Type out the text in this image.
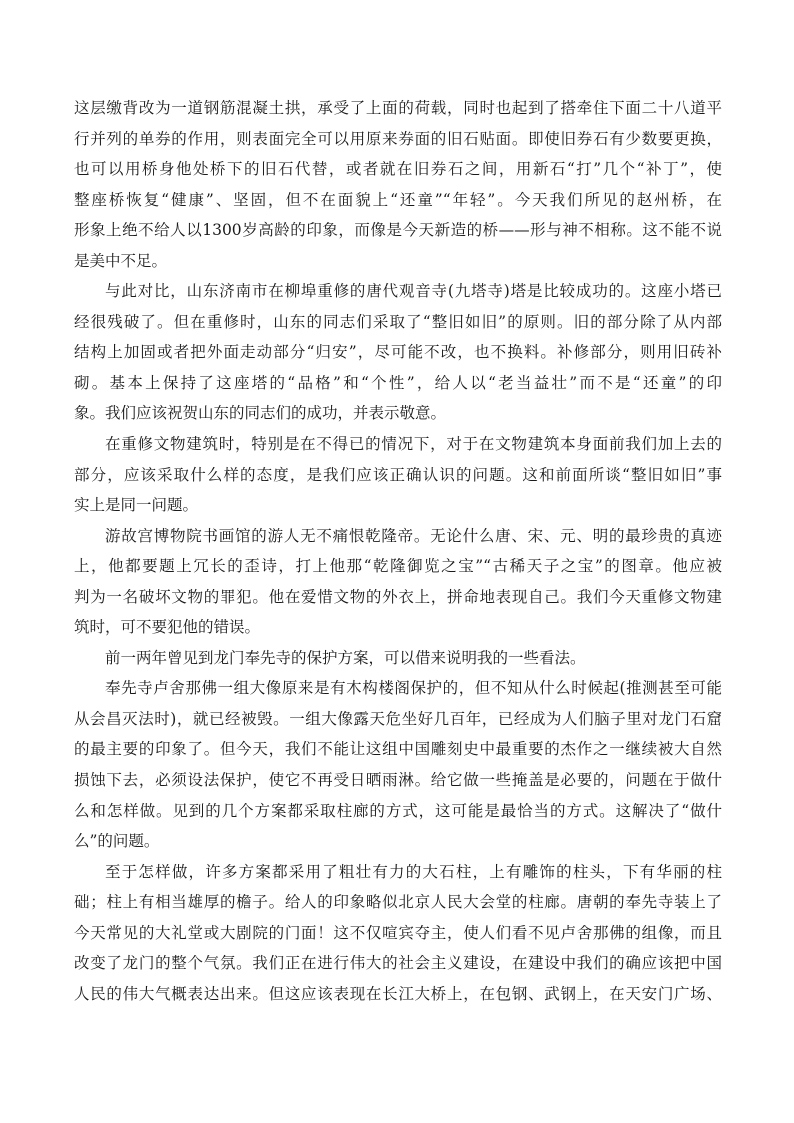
这层缴背改为一道钢筋混凝土拱，承受了上面的荷载，同时也起到了搭牵住下面二十八道平

行并列的单券的作用，则表面完全可以用原来券面的旧石贴面。即使旧券石有少数要更换，

也可以用桥身他处桥下的旧石代替，或者就在旧券石之间，用新石“打”几个“补丁”，使

整座桥恢复“健康”、坚固，但不在面貌上“还童”“年轻”。今天我们所见的赵州桥，在

形象上绝不给人以1300岁高龄的印象，而像是今天新造的桥——形与神不相称。这不能不说

是美中不足。

与此对比，山东济南市在柳埠重修的唐代观音寺(九塔寺)塔是比较成功的。这座小塔已

经很残破了。但在重修时，山东的同志们采取了“整旧如旧”的原则。旧的部分除了从内部

结构上加固或者把外面走动部分“归安”，尽可能不改，也不换料。补修部分，则用旧砖补

砌。基本上保持了这座塔的“品格”和“个性”，给人以“老当益壮”而不是“还童”的印

象。我们应该祝贺山东的同志们的成功，并表示敬意。

在重修文物建筑时，特别是在不得已的情况下，对于在文物建筑本身面前我们加上去的

部分，应该采取什么样的态度，是我们应该正确认识的问题。这和前面所谈“整旧如旧”事

实上是同一问题。

游故宫博物院书画馆的游人无不痛恨乾隆帝。无论什么唐、宋、元、明的最珍贵的真迹

上，他都要题上冗长的歪诗，打上他那“乾隆御览之宝”“古稀天子之宝”的图章。他应被

判为一名破坏文物的罪犯。他在爱惜文物的外衣上，拼命地表现自己。我们今天重修文物建

筑时，可不要犯他的错误。

前一两年曾见到龙门奉先寺的保护方案，可以借来说明我的一些看法。

奉先寺卢舍那佛一组大像原来是有木构楼阁保护的，但不知从什么时候起(推测甚至可能

从会昌灭法时)，就已经被毁。一组大像露天危坐好几百年，已经成为人们脑子里对龙门石窟

的最主要的印象了。但今天，我们不能让这组中国雕刻史中最重要的杰作之一继续被大自然

损蚀下去，必须设法保护，使它不再受日晒雨淋。给它做一些掩盖是必要的，问题在于做什

么和怎样做。见到的几个方案都采取柱廊的方式，这可能是最恰当的方式。这解决了“做什

么”的问题。

至于怎样做，许多方案都采用了粗壮有力的大石柱，上有雕饰的柱头，下有华丽的柱

础；柱上有相当雄厚的檐子。给人的印象略似北京人民大会堂的柱廊。唐朝的奉先寺装上了

今天常见的大礼堂或大剧院的门面！这不仅喧宾夺主，使人们看不见卢舍那佛的组像，而且

改变了龙门的整个气氛。我们正在进行伟大的社会主义建设，在建设中我们的确应该把中国

人民的伟大气概表达出来。但这应该表现在长江大桥上，在包钢、武钢上，在天安门广场、
